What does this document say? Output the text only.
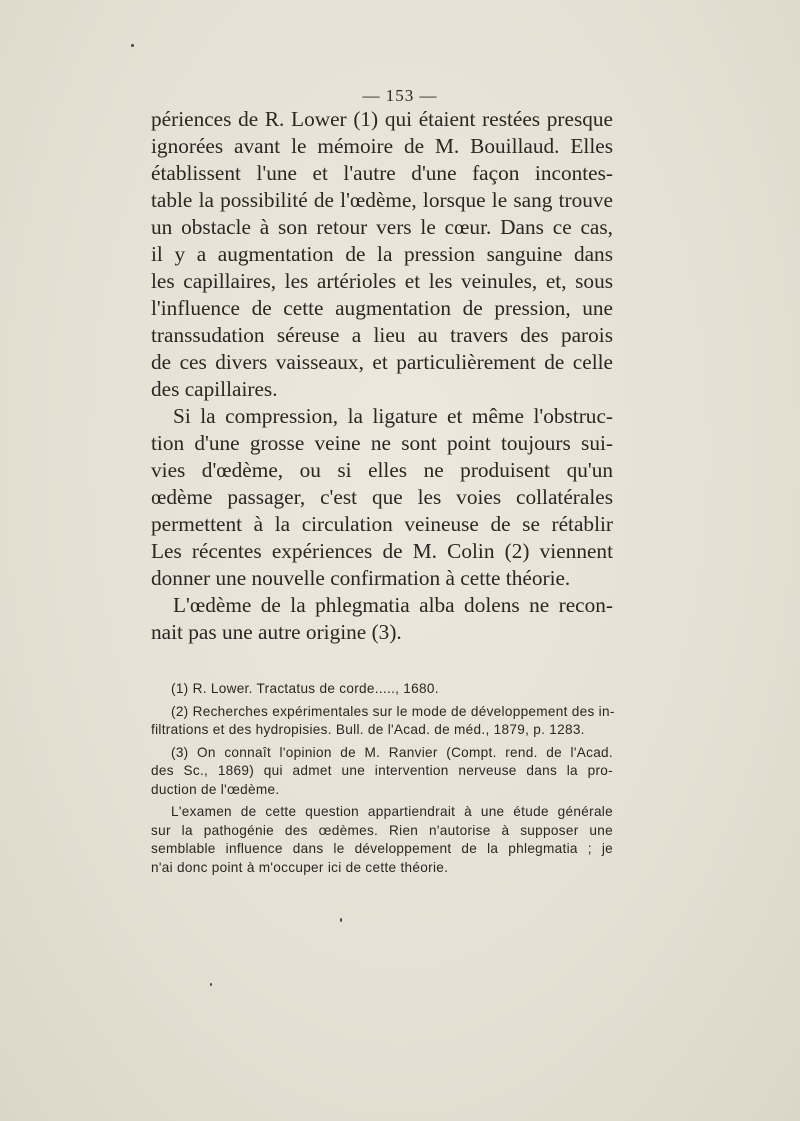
— 153 —
périences de R. Lower (1) qui étaient restées presque
ignorées avant le mémoire de M. Bouillaud. Elles
établissent l'une et l'autre d'une façon incontes-
table la possibilité de l'œdème, lorsque le sang trouve
un obstacle à son retour vers le cœur. Dans ce cas,
il y a augmentation de la pression sanguine dans
les capillaires, les artérioles et les veinules, et, sous
l'influence de cette augmentation de pression, une
transsudation séreuse a lieu au travers des parois
de ces divers vaisseaux, et particulièrement de celle
des capillaires.
Si la compression, la ligature et même l'obstruc-
tion d'une grosse veine ne sont point toujours sui-
vies d'œdème, ou si elles ne produisent qu'un
œdème passager, c'est que les voies collatérales
permettent à la circulation veineuse de se rétablir
Les récentes expériences de M. Colin (2) viennent
donner une nouvelle confirmation à cette théorie.
L'œdème de la phlegmatia alba dolens ne recon-
nait pas une autre origine (3).
(1) R. Lower. Tractatus de corde....., 1680.
(2) Recherches expérimentales sur le mode de développement des in-
filtrations et des hydropisies. Bull. de l'Acad. de méd., 1879, p. 1283.
(3) On connaît l'opinion de M. Ranvier (Compt. rend. de l'Acad.
des Sc., 1869) qui admet une intervention nerveuse dans la pro-
duction de l'œdème.
L'examen de cette question appartiendrait à une étude générale
sur la pathogénie des œdèmes. Rien n'autorise à supposer une
semblable influence dans le développement de la phlegmatia ; je
n'ai donc point à m'occuper ici de cette théorie.
